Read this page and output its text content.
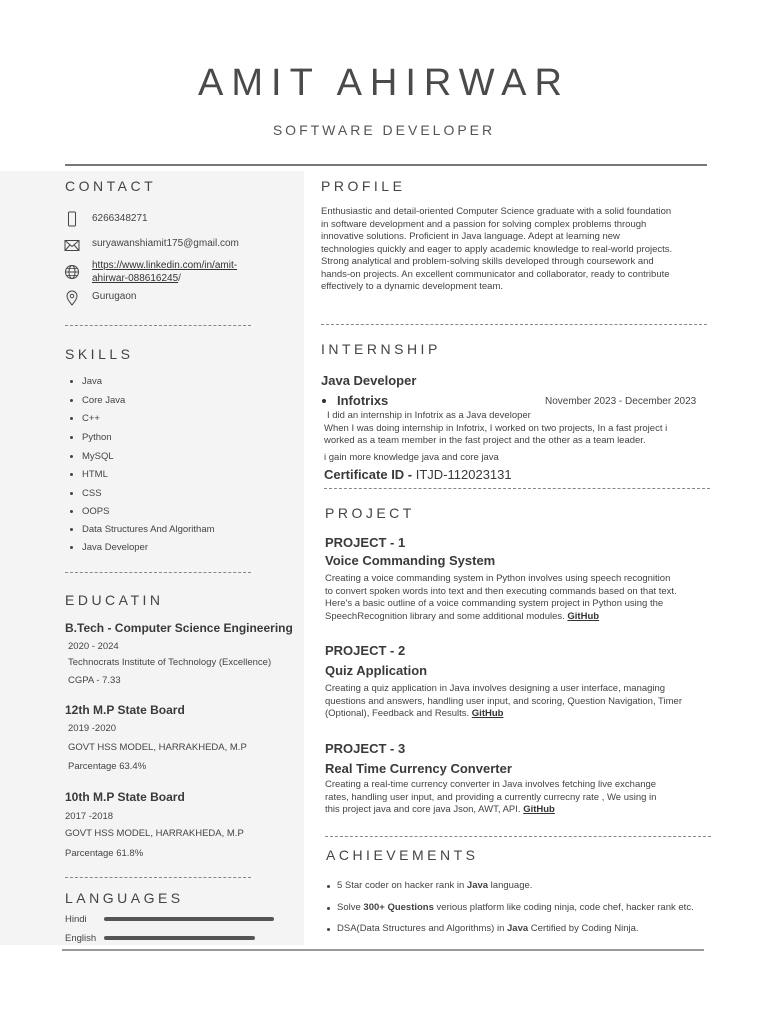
AMIT AHIRWAR
SOFTWARE DEVELOPER
CONTACT
6266348271
suryawanshiamit175@gmail.com
https://www.linkedin.com/in/amit-
ahirwar-088616245/
Gurugaon
SKILLS
Java
Core Java
C++
Python
MySQL
HTML
CSS
OOPS
Data Structures And Algoritham
Java Developer
EDUCATIN
B.Tech - Computer Science Engineering
2020 - 2024
Technocrats Institute of Technology (Excellence)
CGPA - 7.33
12th M.P State Board
2019 -2020
GOVT HSS MODEL, HARRAKHEDA, M.P
Parcentage 63.4%
10th M.P State Board
2017 -2018
GOVT HSS MODEL, HARRAKHEDA, M.P
Parcentage 61.8%
LANGUAGES
Hindi
English
PROFILE
Enthusiastic and detail-oriented Computer Science graduate with a solid foundation
in software development and a passion for solving complex problems through
innovative solutions. Proficient in Java language. Adept at learning new
technologies quickly and eager to apply academic knowledge to real-world projects.
Strong analytical and problem-solving skills developed through coursework and
hands-on projects. An excellent communicator and collaborator, ready to contribute
effectively to a dynamic development team.
INTERNSHIP
Java Developer
Infotrixs	November 2023 - December 2023
I did an internship in Infotrix as a Java developer
When I was doing internship in Infotrix, I worked on two projects, In a fast project i
worked as a team member in the fast project and the other as a team leader.
i gain more knowledge java and core java
Certificate ID - ITJD-112023131
PROJECT
PROJECT - 1
Voice Commanding System
Creating a voice commanding system in Python involves using speech recognition
to convert spoken words into text and then executing commands based on that text.
Here's a basic outline of a voice commanding system project in Python using the
SpeechRecognition library and some additional modules. GitHub
PROJECT - 2
Quiz Application
Creating a quiz application in Java involves designing a user interface, managing
questions and answers, handling user input, and scoring, Question Navigation, Timer
(Optional), Feedback and Results. GitHub
PROJECT - 3
Real Time Currency Converter
Creating a real-time currency converter in Java involves fetching live exchange
rates, handling user input, and providing a currently currecny rate , We using in
this project java and core java Json, AWT, API. GitHub
ACHIEVEMENTS
5 Star coder on hacker rank in Java language.
Solve 300+ Questions verious platform like coding ninja, code chef, hacker rank etc.
DSA(Data Structures and Algorithms) in Java Certified by Coding Ninja.
